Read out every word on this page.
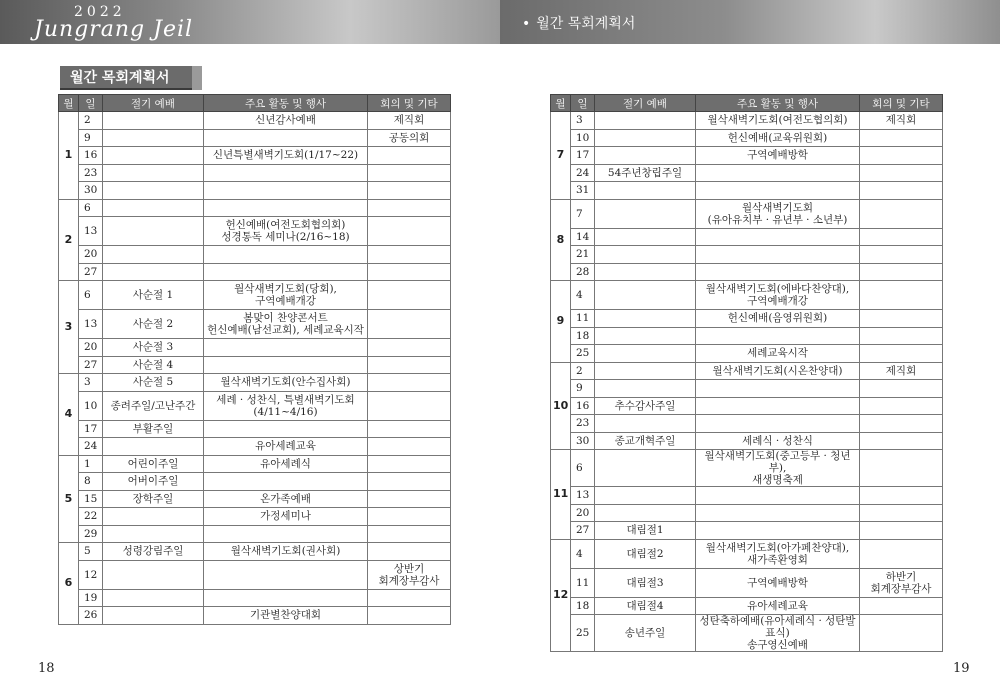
2022
Jungrang Jeil	• 월간 목회계획서
월간 목회계획서
월	일	절기 예배	주요 활동 및 행사	회의 및 기타
1	2		신년감사예배	제직회
	9			공동의회
	16		신년특별새벽기도회(1/17~22)	
	23			
	30			
2	6			
	13		헌신예배(여전도회협의회)
성경통독 세미나(2/16~18)	
	20			
	27			
3	6	사순절 1	월삭새벽기도회(당회),
구역예배개강	
	13	사순절 2	봄맞이 찬양콘서트
헌신예배(남선교회), 세례교육시작	
	20	사순절 3		
	27	사순절 4		
4	3	사순절 5	월삭새벽기도회(안수집사회)	
	10	종려주일/고난주간	세례 · 성찬식, 특별새벽기도회
(4/11~4/16)	
	17	부활주일		
	24		유아세례교육	
5	1	어린이주일	유아세례식	
	8	어버이주일		
	15	장학주일	온가족예배	
	22		가정세미나	
	29			
6	5	성령강림주일	월삭새벽기도회(권사회)	
	12			상반기
회계장부감사
	19			
	26		기관별찬양대회	
월	일	절기 예배	주요 활동 및 행사	회의 및 기타
7	3		월삭새벽기도회(여전도협의회)	제직회
	10		헌신예배(교육위원회)	
	17		구역예배방학	
	24	54주년창립주일		
	31			
8	7		월삭새벽기도회
(유아유치부 · 유년부 · 소년부)	
	14			
	21			
	28			
9	4		월삭새벽기도회(에바다찬양대),
구역예배개강	
	11		헌신예배(음영위원회)	
	18			
	25		세례교육시작	
10	2		월삭새벽기도회(시온찬양대)	제직회
	9			
	16	추수감사주일		
	23			
	30	종교개혁주일	세례식 · 성찬식	
11	6		월삭새벽기도회(중고등부 · 청년부),
새생명축제	
	13			
	20			
	27	대림절1		
12	4	대림절2	월삭새벽기도회(아가페찬양대),
새가족환영회	
	11	대림절3	구역예배방학	하반기
회계장부감사
	18	대림절4	유아세례교육	
	25	송년주일	성탄축하예배(유아세례식 · 성탄발표식)
송구영신예배	
18	19
